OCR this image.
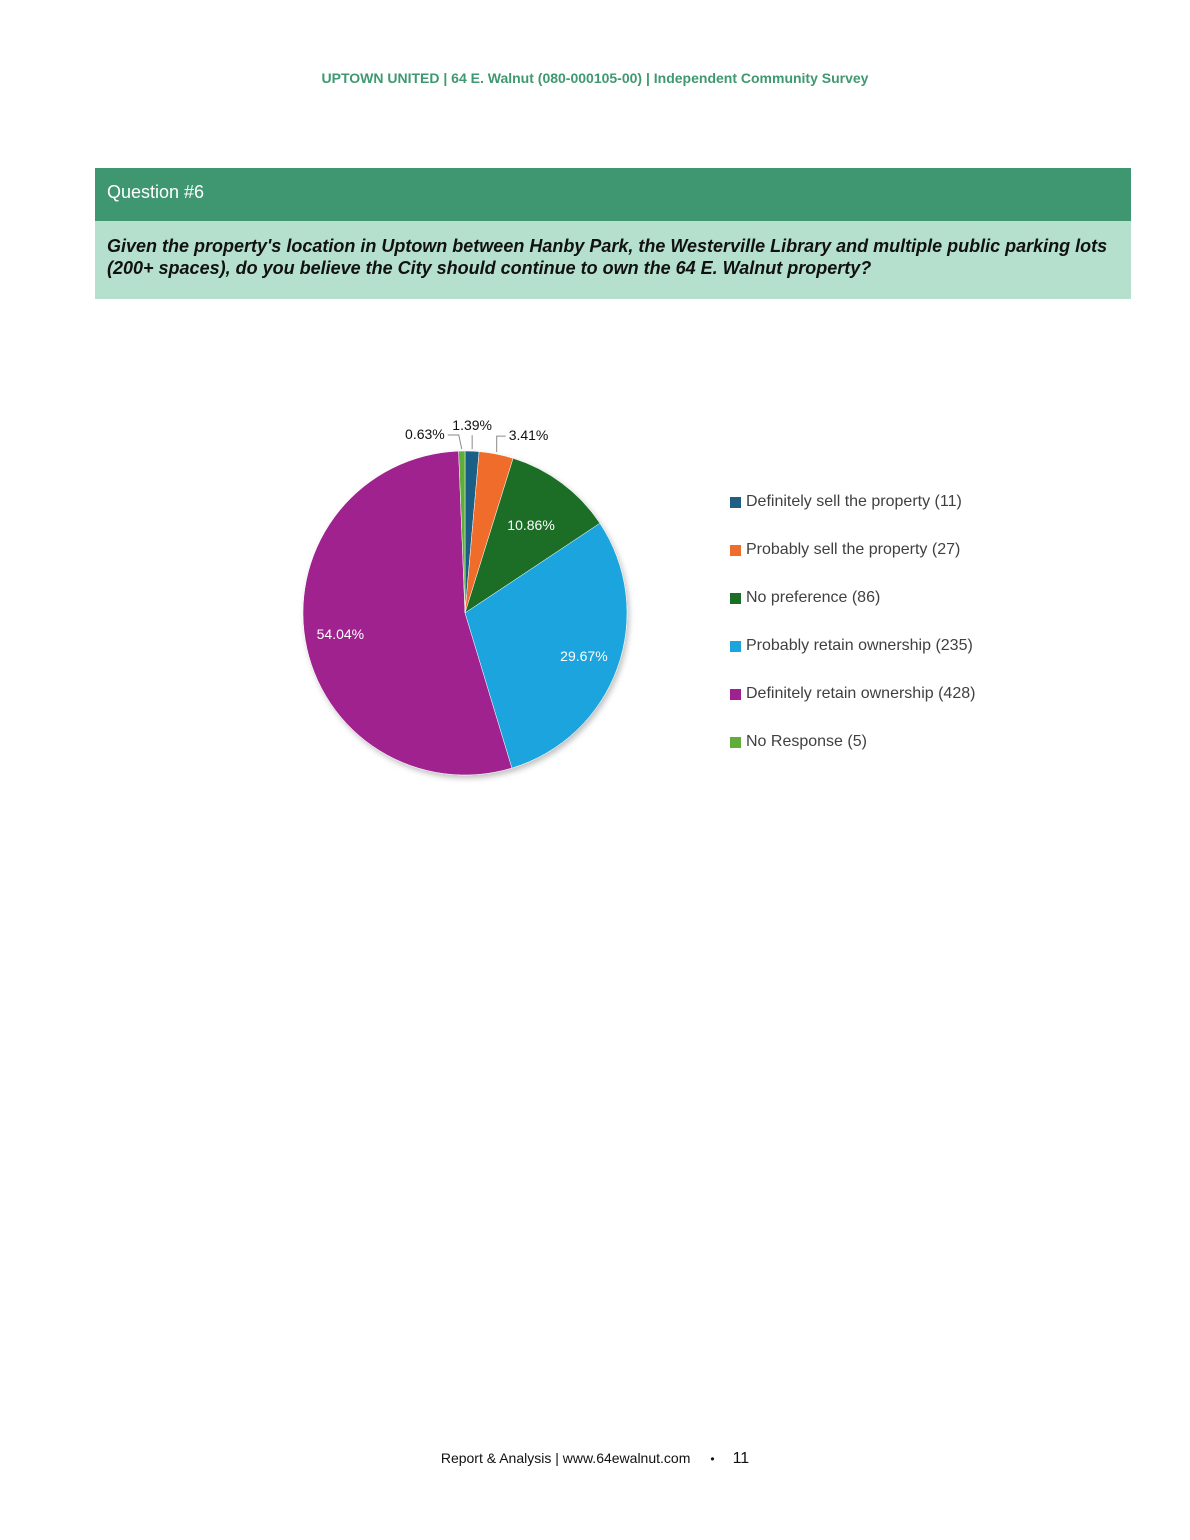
UPTOWN UNITED | 64 E. Walnut (080-000105-00) | Independent Community Survey
Question #6
Given the property's location in Uptown between Hanby Park, the Westerville Library and multiple public parking lots (200+ spaces), do you believe the City should continue to own the 64 E. Walnut property?
1.39%
3.41%
10.86%
29.67%
54.04%
0.63%
Definitely sell the property (11)
Probably sell the property (27)
No preference (86)
Probably retain ownership (235)
Definitely retain ownership (428)
No Response (5)
Report & Analysis | www.64ewalnut.com • 11
